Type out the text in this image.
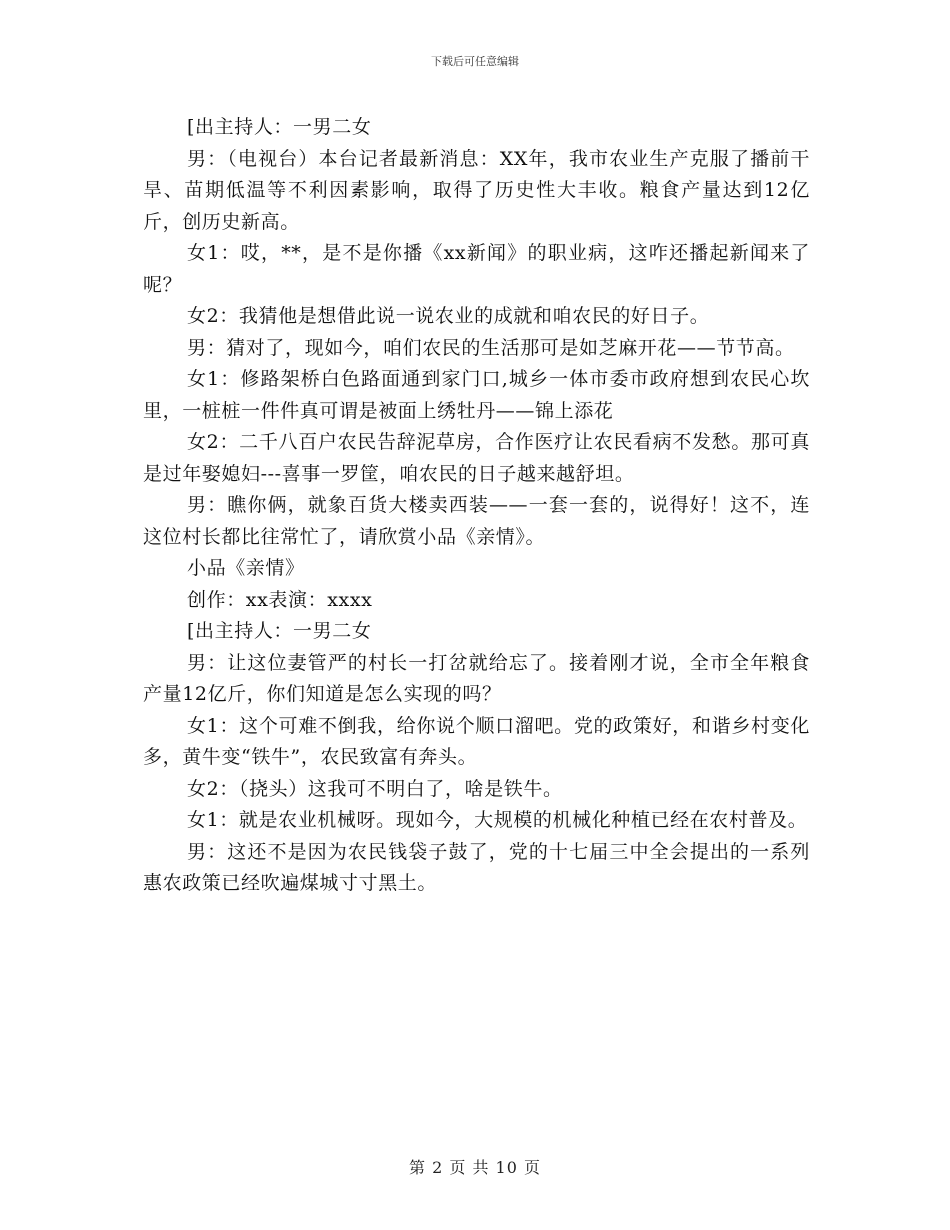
下载后可任意编辑

[出主持人：一男二女

男：（电视台）本台记者最新消息：XX年，我市农业生产克服了播前干旱、苗期低温等不利因素影响，取得了历史性大丰收。粮食产量达到12亿斤，创历史新高。

女1：哎，**，是不是你播《xx新闻》的职业病，这咋还播起新闻来了呢？

女2：我猜他是想借此说一说农业的成就和咱农民的好日子。

男：猜对了，现如今，咱们农民的生活那可是如芝麻开花——节节高。

女1：修路架桥白色路面通到家门口,城乡一体市委市政府想到农民心坎里，一桩桩一件件真可谓是被面上绣牡丹——锦上添花

女2：二千八百户农民告辞泥草房，合作医疗让农民看病不发愁。那可真是过年娶媳妇---喜事一罗筐，咱农民的日子越来越舒坦。

男：瞧你俩，就象百货大楼卖西装——一套一套的，说得好！这不，连这位村长都比往常忙了，请欣赏小品《亲情》。

小品《亲情》

创作：xx表演：xxxx

[出主持人：一男二女

男：让这位妻管严的村长一打岔就给忘了。接着刚才说，全市全年粮食产量12亿斤，你们知道是怎么实现的吗？

女1：这个可难不倒我，给你说个顺口溜吧。党的政策好，和谐乡村变化多，黄牛变“铁牛”，农民致富有奔头。

女2：（挠头）这我可不明白了，啥是铁牛。

女1：就是农业机械呀。现如今，大规模的机械化种植已经在农村普及。

男：这还不是因为农民钱袋子鼓了，党的十七届三中全会提出的一系列惠农政策已经吹遍煤城寸寸黑土。

第 2 页 共 10 页
